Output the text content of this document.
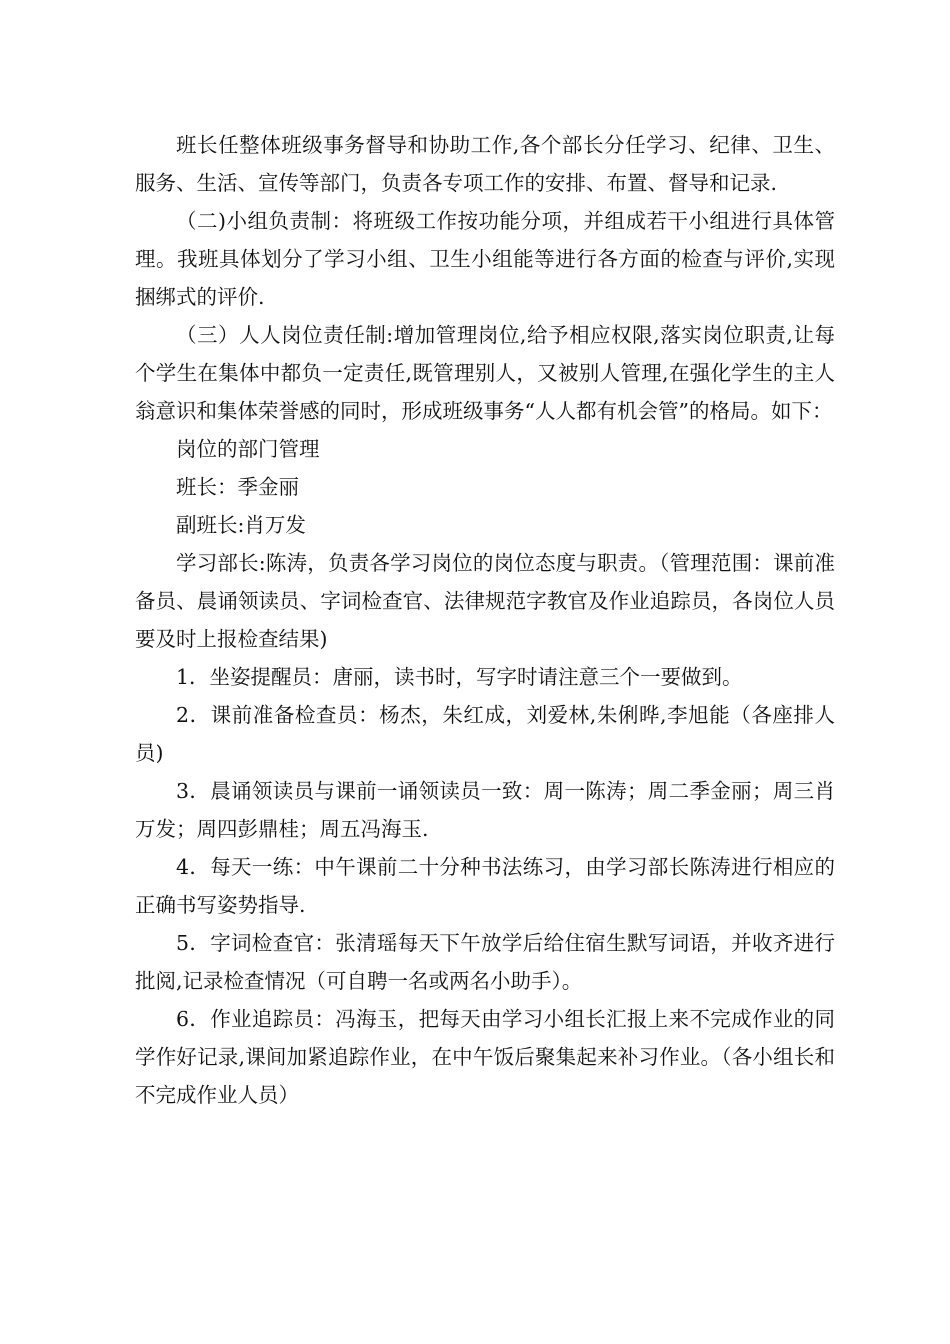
班长任整体班级事务督导和协助工作,各个部长分任学习、纪律、卫生、服务、生活、宣传等部门，负责各专项工作的安排、布置、督导和记录.

（二)小组负责制：将班级工作按功能分项，并组成若干小组进行具体管理。我班具体划分了学习小组、卫生小组能等进行各方面的检查与评价,实现捆绑式的评价.

（三）人人岗位责任制:增加管理岗位,给予相应权限,落实岗位职责,让每个学生在集体中都负一定责任,既管理别人，又被别人管理,在强化学生的主人翁意识和集体荣誉感的同时，形成班级事务“人人都有机会管”的格局。如下：

岗位的部门管理

班长：季金丽

副班长:肖万发

学习部长:陈涛，负责各学习岗位的岗位态度与职责。（管理范围：课前准备员、晨诵领读员、字词检查官、法律规范字教官及作业追踪员，各岗位人员要及时上报检查结果)

1．坐姿提醒员：唐丽，读书时，写字时请注意三个一要做到。

2．课前准备检查员：杨杰，朱红成，刘爱林,朱俐晔,李旭能（各座排人员)

3．晨诵领读员与课前一诵领读员一致：周一陈涛；周二季金丽；周三肖万发；周四彭鼎桂；周五冯海玉.

4．每天一练：中午课前二十分种书法练习，由学习部长陈涛进行相应的正确书写姿势指导.

5．字词检查官：张清瑶每天下午放学后给住宿生默写词语，并收齐进行批阅,记录检查情况（可自聘一名或两名小助手）。

6．作业追踪员：冯海玉，把每天由学习小组长汇报上来不完成作业的同学作好记录,课间加紧追踪作业，在中午饭后聚集起来补习作业。（各小组长和不完成作业人员）
